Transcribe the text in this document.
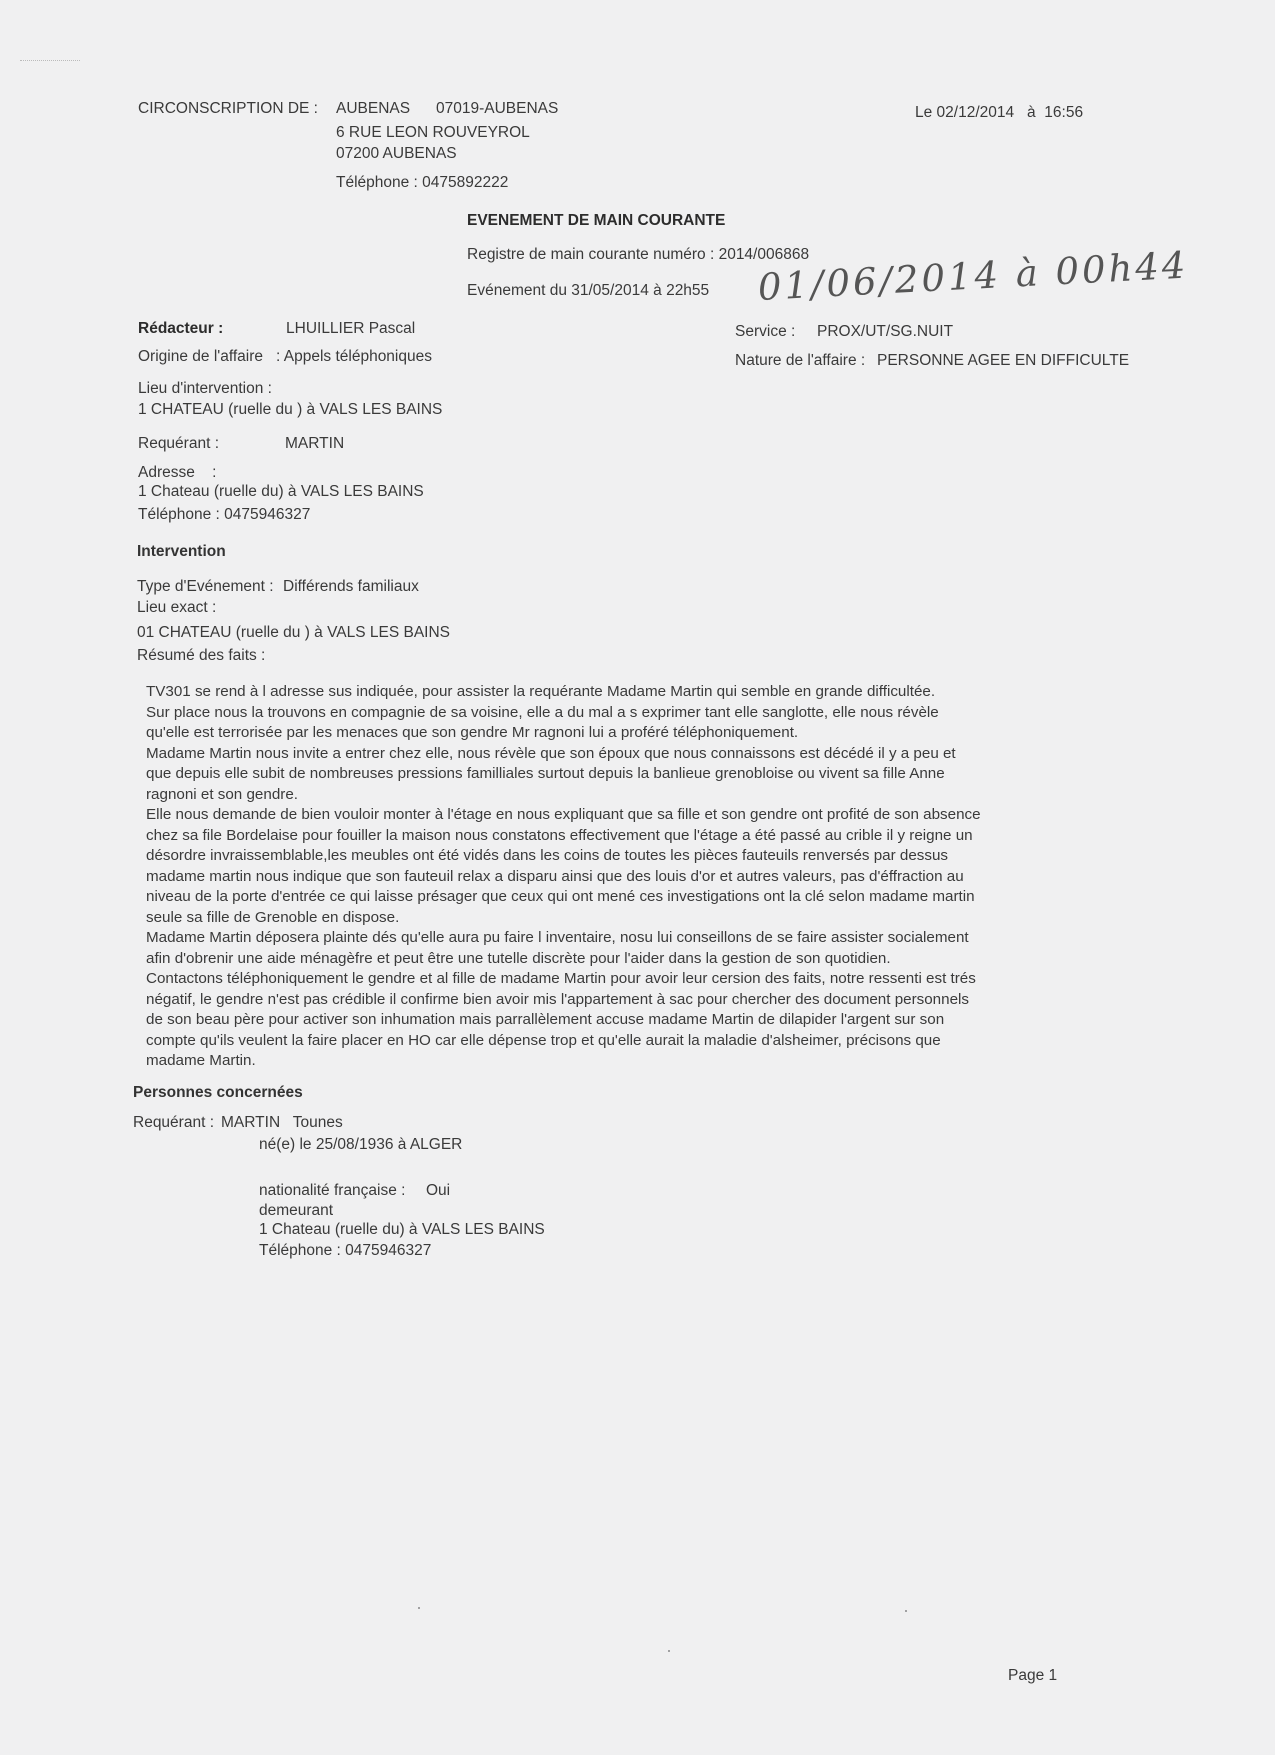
CIRCONSCRIPTION DE : AUBENAS 07019-AUBENAS
6 RUE LEON ROUVEYROL
07200 AUBENAS
Téléphone : 0475892222
Le 02/12/2014   à  16:56
EVENEMENT DE MAIN COURANTE
Registre de main courante numéro : 2014/006868
Evénement du 31/05/2014 à 22h55 01/06/2014 à 00h44
Rédacteur :	LHUILLIER Pascal
Origine de l'affaire : Appels téléphoniques
Service : PROX/UT/SG.NUIT
Nature de l'affaire : PERSONNE AGEE EN DIFFICULTE
Lieu d'intervention :
1 CHATEAU (ruelle du ) à VALS LES BAINS
Requérant :	MARTIN
Adresse    :
1 Chateau (ruelle du) à VALS LES BAINS
Téléphone : 0475946327
Intervention
Type d'Evénement : Différends familiaux
Lieu exact :
01 CHATEAU (ruelle du ) à VALS LES BAINS
Résumé des faits :

TV301 se rend à l adresse sus indiquée, pour assister la requérante Madame Martin qui semble en grande difficultée.

Sur place nous la trouvons en compagnie de sa voisine, elle a du mal a s exprimer tant elle sanglotte, elle nous révèle

qu'elle est terrorisée par les menaces que son gendre Mr ragnoni lui a proféré téléphoniquement.

Madame Martin nous invite a entrer chez elle, nous révèle que son époux que nous connaissons est décédé il y a peu et

que depuis elle subit de nombreuses pressions familliales surtout depuis la banlieue grenobloise ou vivent sa fille Anne

ragnoni et son gendre.

Elle nous demande de bien vouloir monter à l'étage en nous expliquant que sa fille et son gendre ont profité de son absence

chez sa file Bordelaise pour fouiller la maison nous constatons effectivement que l'étage a été passé au crible il y reigne un

désordre invraissemblable,les meubles ont été vidés dans les coins de toutes les pièces fauteuils renversés par dessus

madame martin nous indique que son fauteuil relax a disparu ainsi que des louis d'or et autres valeurs, pas d'éffraction au

niveau de la porte d'entrée ce qui laisse présager que ceux qui ont mené ces investigations ont la clé selon madame martin

seule sa fille de Grenoble en dispose.

Madame Martin déposera plainte dés qu'elle aura pu faire l inventaire, nosu lui conseillons de se faire assister socialement

afin d'obrenir une aide ménagèfre et peut être une tutelle discrète pour l'aider dans la gestion de son quotidien.

Contactons téléphoniquement le gendre et al fille de madame Martin pour avoir leur cersion des faits, notre ressenti est trés

négatif, le gendre n'est pas crédible il confirme bien avoir mis l'appartement à sac pour chercher des document personnels

de son beau père pour activer son inhumation mais parrallèlement accuse madame Martin de dilapider l'argent sur son

compte qu'ils veulent la faire placer en HO car elle dépense trop et qu'elle aurait la maladie d'alsheimer, précisons que

madame Martin.

Personnes concernées
Requérant : MARTIN   Tounes
né(e) le 25/08/1936 à ALGER
nationalité française : Oui
demeurant
1 Chateau (ruelle du) à VALS LES BAINS
Téléphone : 0475946327
Page 1
